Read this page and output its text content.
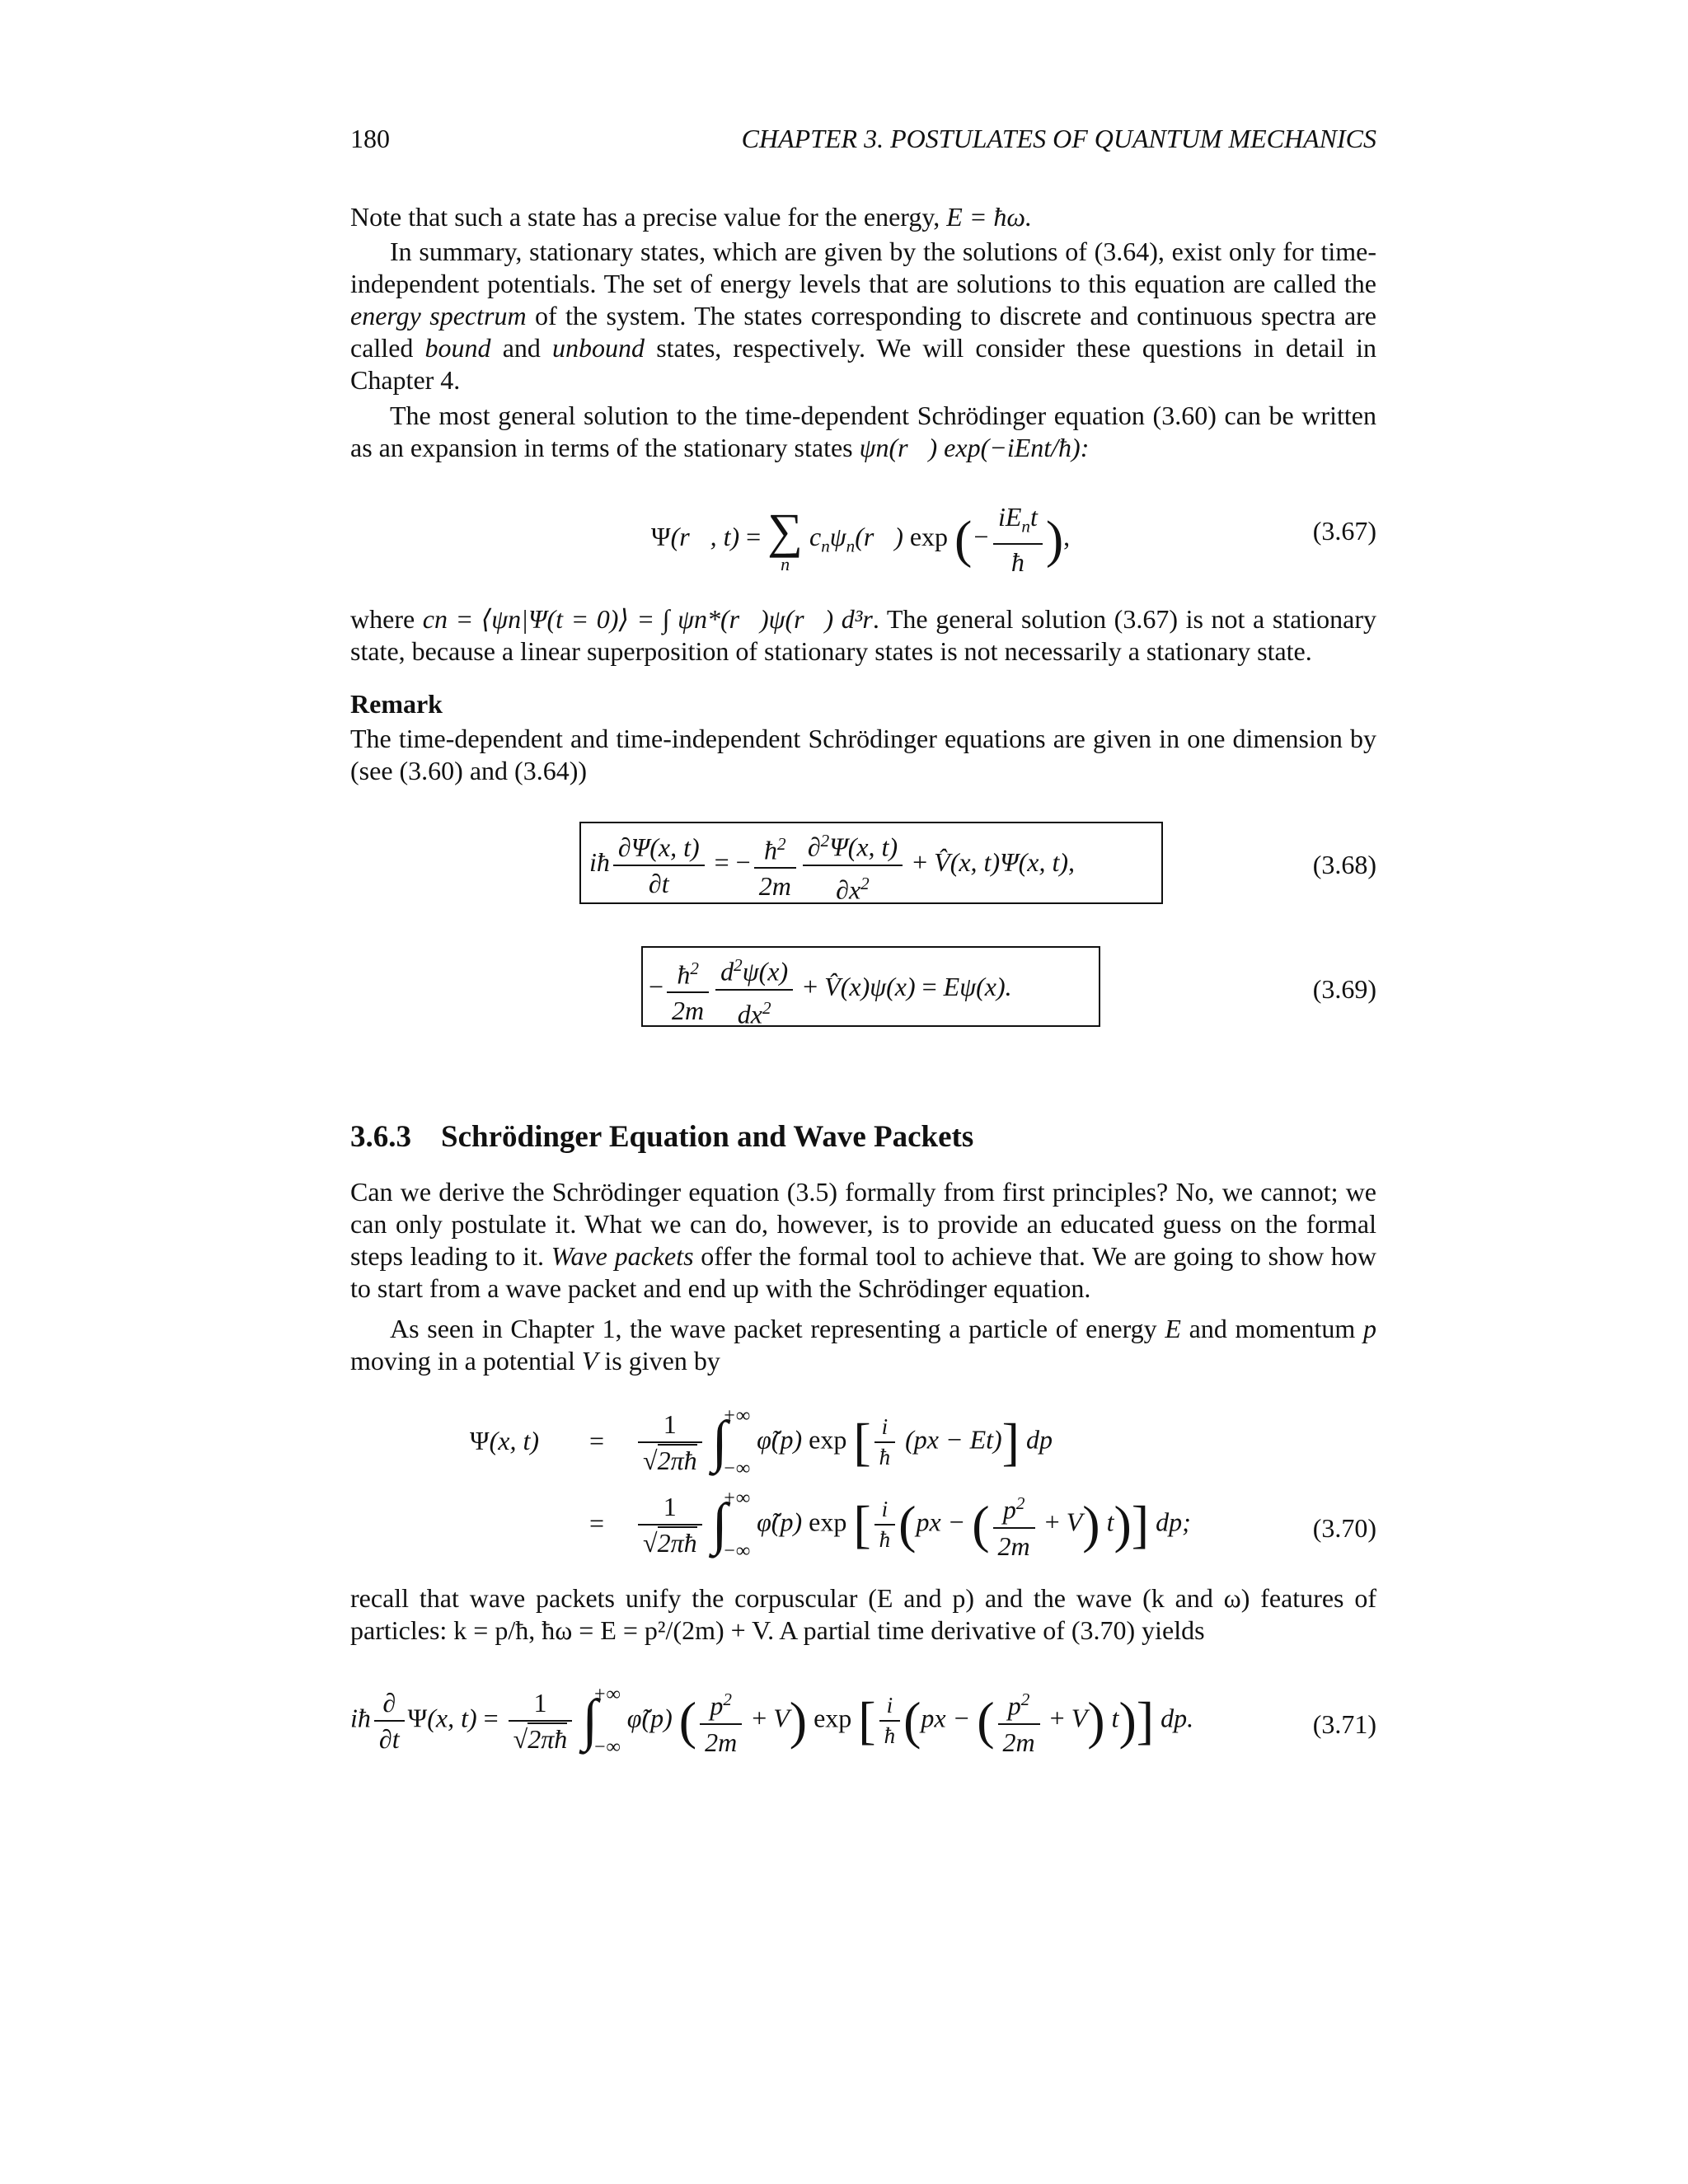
180	CHAPTER 3. POSTULATES OF QUANTUM MECHANICS

Note that such a state has a precise value for the energy, E = ħω.

In summary, stationary states, which are given by the solutions of (3.64), exist only for time-independent potentials. The set of energy levels that are solutions to this equation are called the energy spectrum of the system. The states corresponding to discrete and continuous spectra are called bound and unbound states, respectively. We will consider these questions in detail in Chapter 4.

The most general solution to the time-dependent Schrödinger equation (3.60) can be written as an expansion in terms of the stationary states ψn(r⃗) exp(−iEnt/ħ):

Ψ(r⃗, t) = ∑
n
$c_n\psi_n(r⃗)$ exp (− $\frac{iE_nt}{ħ}$ ),	(3.67)

where cn = ⟨ψn|Ψ(t = 0)⟩ = ∫ ψn*(r⃗)ψ(r⃗) d³r. The general solution (3.67) is not a stationary state, because a linear superposition of stationary states is not necessarily a stationary state.

Remark

The time-dependent and time-independent Schrödinger equations are given in one dimension by (see (3.60) and (3.64))

iħ $\frac{\partial\Psi(x, t)}{\partial t}$ = − $\frac{ħ^2}{2m} \frac{\partial^2\Psi(x, t)}{\partial x^2}$ + V̂(x, t)Ψ(x, t),	(3.68)
− $\frac{ħ^2}{2m} \frac{d^2\psi(x)}{dx^2}$ + V̂(x)ψ(x) = Eψ(x).	(3.69)
3.6.3 Schrödinger Equation and Wave Packets

Can we derive the Schrödinger equation (3.5) formally from first principles? No, we cannot; we can only postulate it. What we can do, however, is to provide an educated guess on the formal steps leading to it. Wave packets offer the formal tool to achieve that. We are going to show how to start from a wave packet and end up with the Schrödinger equation.

As seen in Chapter 1, the wave packet representing a particle of energy E and momentum p moving in a potential V is given by

Ψ(x, $t) = \frac{1}{√2\pi ħ}$ ∫
+∞
−∞
φ̃(p) exp [ $\frac{i}{ħ} (px - Et)$] dp
= $\frac{1}{√2\pi ħ}$ ∫
+∞
−∞
φ̃(p) exp [ $\frac{i}{ħ} (px$ − ( $\frac{p^2}{2m} + V$) t)] dp;	(3.70)

recall that wave packets unify the corpuscular (E and p) and the wave (k and ω) features of particles: k = p/ħ, ħω = E = p²/(2m) + V. A partial time derivative of (3.70) yields

iħ $\frac{\partial}{\partial t} \Psi(x$, $t) = \frac{1}{√2\pi ħ}$ ∫
+∞
−∞
φ̃(p) ( $\frac{p^2}{2m} + V$) exp [ $\frac{i}{ħ} (px$ − ( $\frac{p^2}{2m} + V$) t)] dp.	(3.71)
